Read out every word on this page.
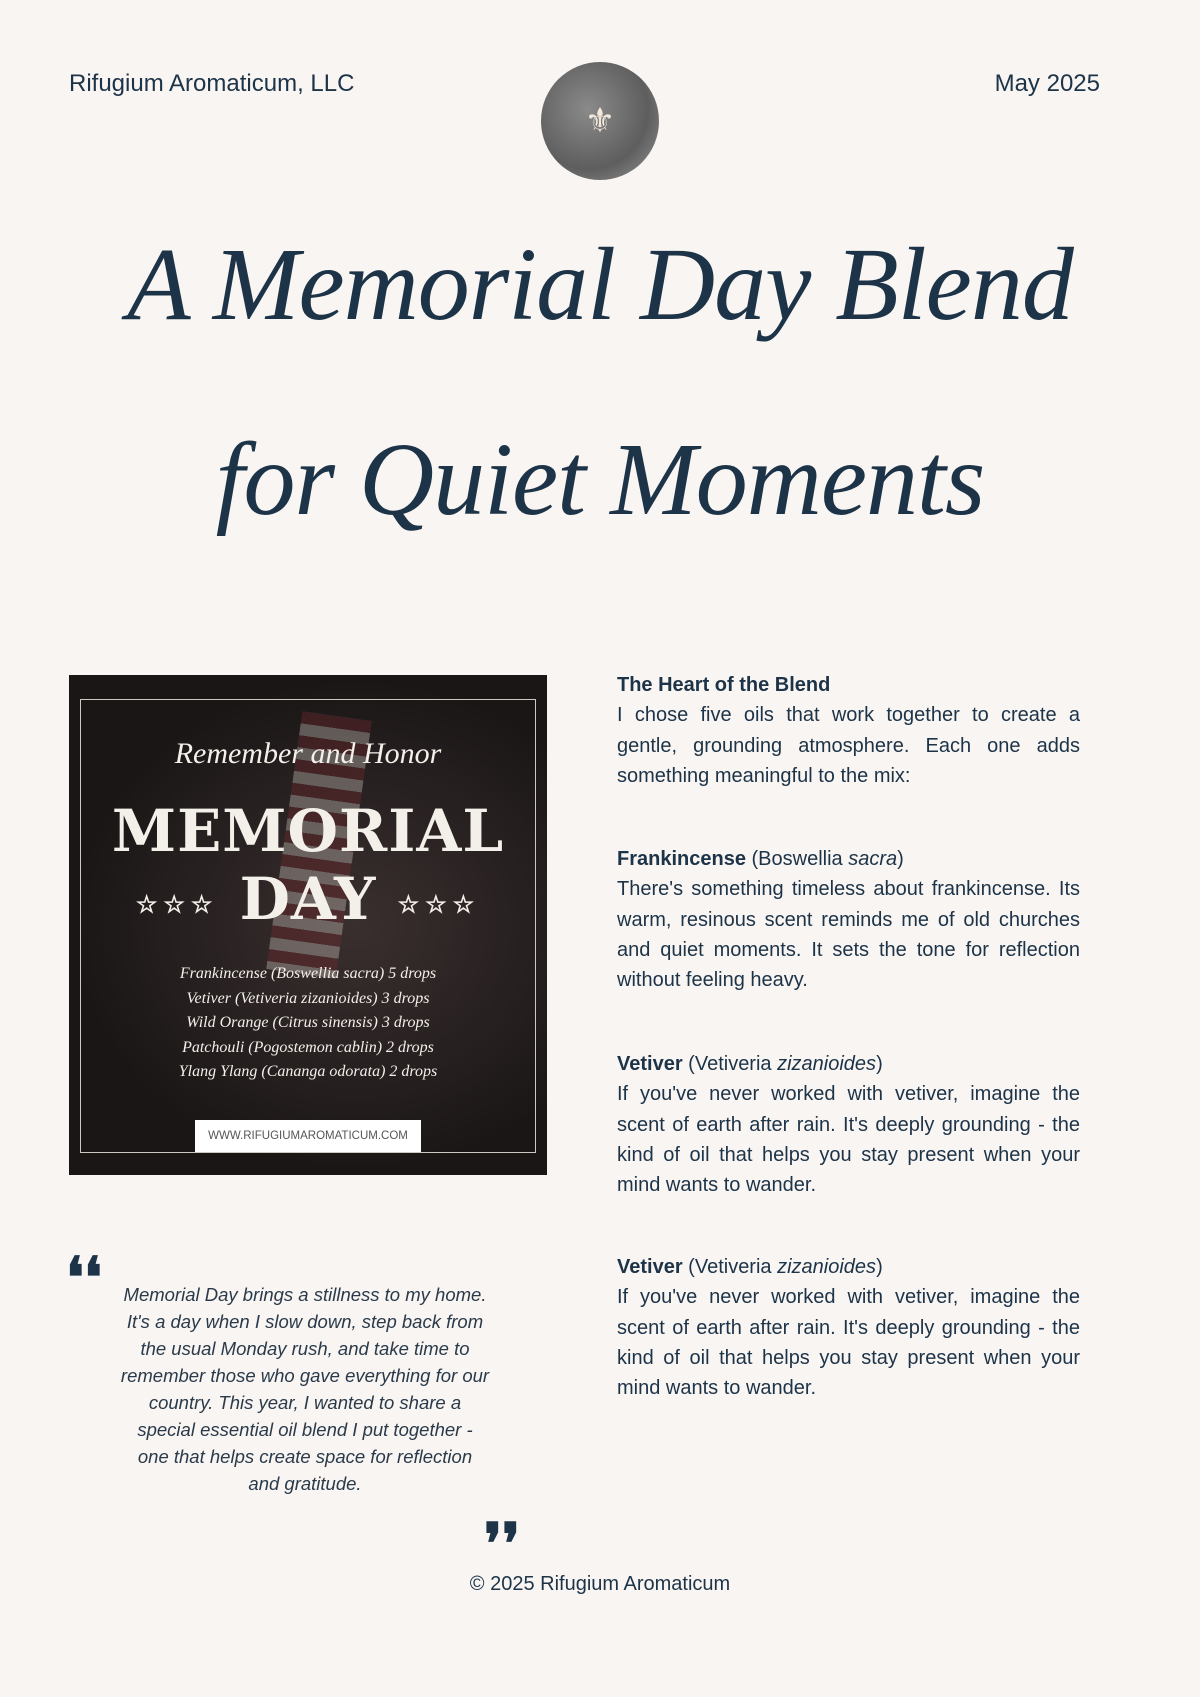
Rifugium Aromaticum, LLC
⚜
May 2025
A Memorial Day Blend
for Quiet Moments
Remember and Honor
MEMORIAL
☆☆☆ DAY ☆☆☆
Frankincense (Boswellia sacra) 5 drops
Vetiver (Vetiveria zizanioides) 3 drops
Wild Orange (Citrus sinensis) 3 drops
Patchouli (Pogostemon cablin) 2 drops
Ylang Ylang (Cananga odorata) 2 drops
WWW.RIFUGIUMAROMATICUM.COM
The Heart of the Blend
I chose five oils that work together to create a gentle, grounding atmosphere. Each one adds something meaningful to the mix:
Frankincense (Boswellia sacra)
There's something timeless about frankincense. Its warm, resinous scent reminds me of old churches and quiet moments. It sets the tone for reflection without feeling heavy.
Vetiver (Vetiveria zizanioides)
If you've never worked with vetiver, imagine the scent of earth after rain. It's deeply grounding - the kind of oil that helps you stay present when your mind wants to wander.
Vetiver (Vetiveria zizanioides)
If you've never worked with vetiver, imagine the scent of earth after rain. It's deeply grounding - the kind of oil that helps you stay present when your mind wants to wander.
❛❛ Memorial Day brings a stillness to my home. It's a day when I slow down, step back from the usual Monday rush, and take time to remember those who gave everything for our country. This year, I wanted to share a special essential oil blend I put together - one that helps create space for reflection and gratitude.
❜❜
© 2025 Rifugium Aromaticum
